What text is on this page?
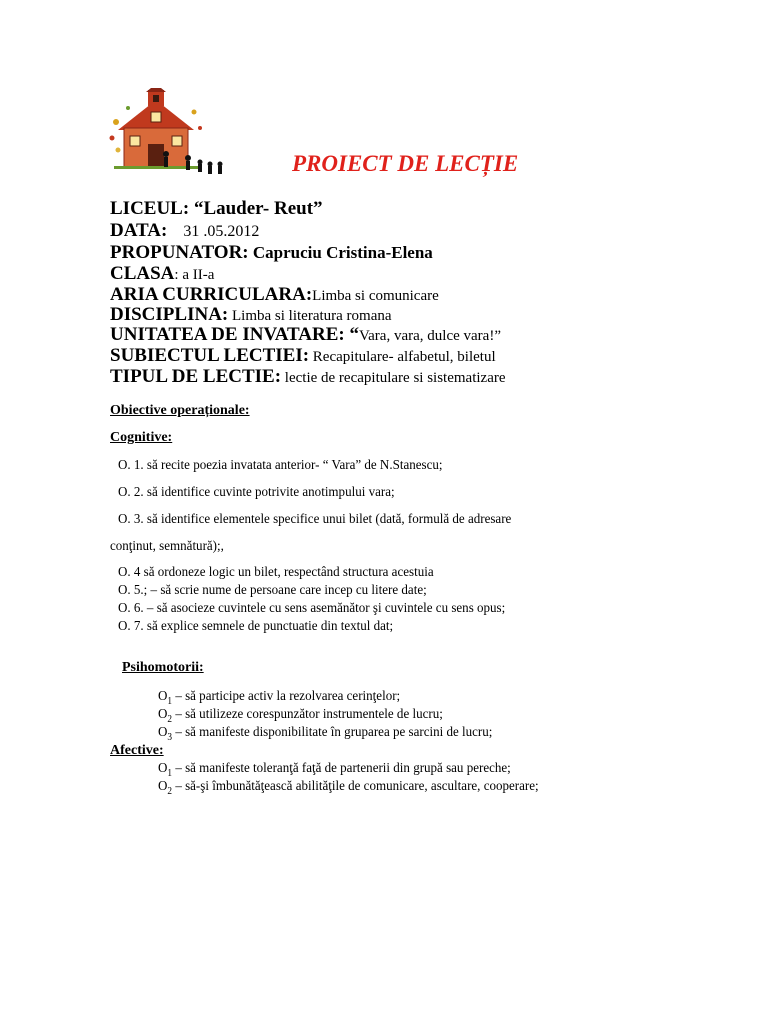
PROIECT DE LECȚIE
LICEUL: “Lauder- Reut”
DATA: 31 .05.2012
PROPUNATOR: Capruciu Cristina-Elena
CLASA: a II-a
ARIA CURRICULARA:Limba si comunicare
DISCIPLINA: Limba si literatura romana
UNITATEA DE INVATARE: “Vara, vara, dulce vara!”
SUBIECTUL LECTIEI: Recapitulare- alfabetul, biletul
TIPUL DE LECTIE: lectie de recapitulare si sistematizare
Obiective operaționale:
Cognitive:
O. 1. să recite poezia invatata anterior- “ Vara” de N.Stanescu;
O. 2. să identifice cuvinte potrivite anotimpului vara;
O. 3. să identifice elementele specifice unui bilet (dată, formulă de adresare
conţinut, semnătură);,
O. 4 să ordoneze logic un bilet, respectând structura acestuia
O. 5.; – să scrie nume de persoane care incep cu litere date;
O. 6. – să asocieze cuvintele cu sens asemănător şi cuvintele cu sens opus;
O. 7. să explice semnele de punctuatie din textul dat;
Psihomotorii:
$O_1$ – să participe activ la rezolvarea cerinţelor;
$O_2$ – să utilizeze corespunzător instrumentele de lucru;
$O_3$ – să manifeste disponibilitate în gruparea pe sarcini de lucru;
Afective:
$O_1$ – să manifeste toleranţă faţă de partenerii din grupă sau pereche;
$O_2$ – să-şi îmbunătăţească abilităţile de comunicare, ascultare, cooperare;
